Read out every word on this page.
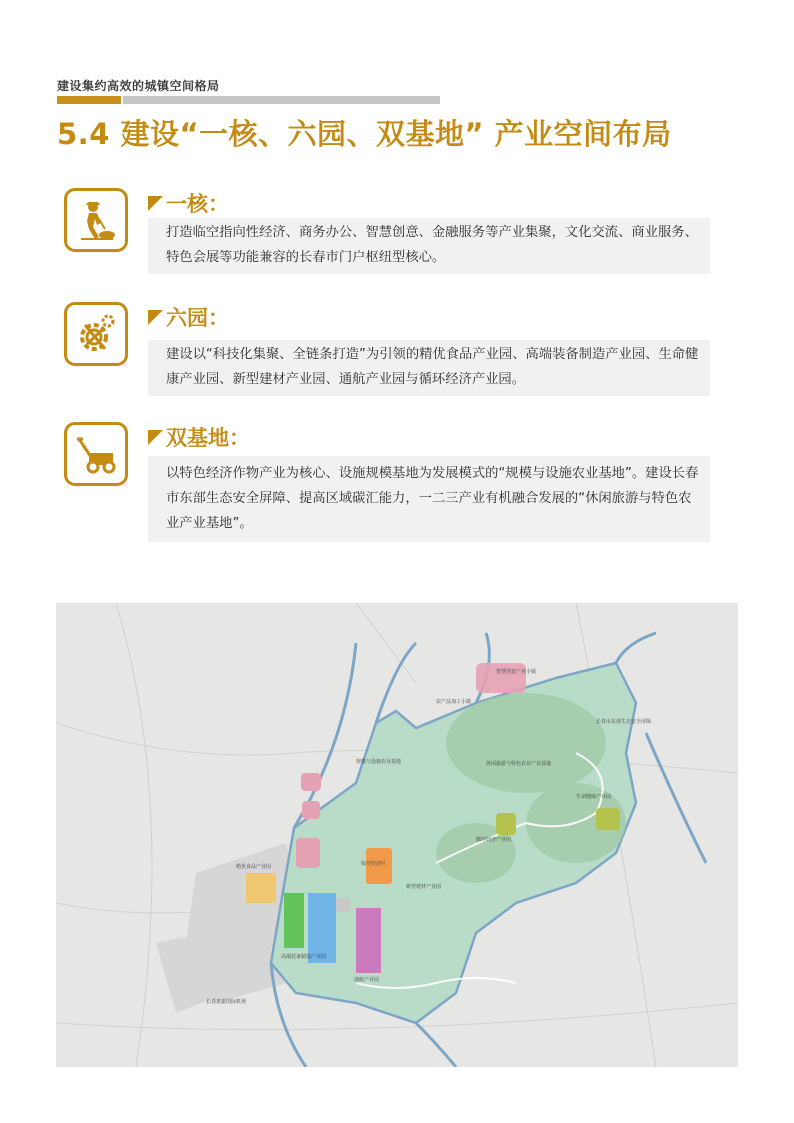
建设集约高效的城镇空间格局
5.4 建设“一核、六园、双基地” 产业空间布局
一核：
打造临空指向性经济、商务办公、智慧创意、金融服务等产业集聚，文化交流、商业服务、特色会展等功能兼容的长春市门户枢纽型核心。
六园：
建设以“科技化集聚、全链条打造”为引领的精优食品产业园、高端装备制造产业园、生命健康产业园、新型建材产业园、通航产业园与循环经济产业园。
双基地：
以特色经济作物产业为核心、设施规模基地为发展模式的“规模与设施农业基地”。建设长春市东部生态安全屏障、提高区域碳汇能力，一二三产业有机融合发展的“休闲旅游与特色农业产业基地”。
智慧创意产业小镇
农产品加工小镇
规模与设施农业基地	休闲旅游与特色农业产业基地
循环经济产业园
生命健康产业园
临空经济区
新型建材产业园
通航产业园
高端装备制造产业园
精优食品产业园
长春市东部生态安全屏障
长春龙嘉国际机场
